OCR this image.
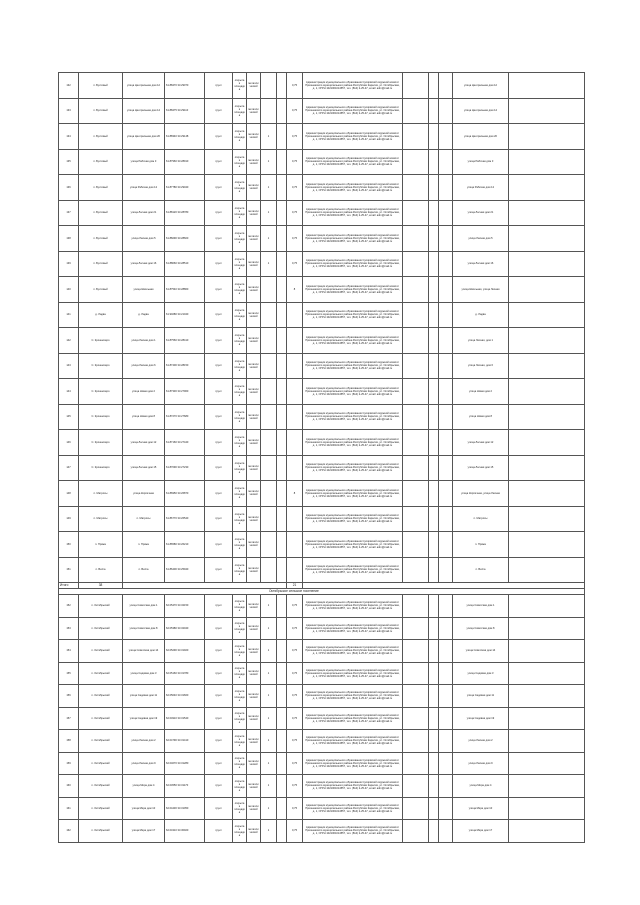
132	п. Бухтовый	улица Центральная дом 12	61.88470 33.29070	грунт	открытая площадка	металлический			0,75	Администрация муниципального образования Суоярвский окружной комитет Прионежского муниципального района Республики Карелия, ул. Октябрьская, д. 1, ОГРН 1021001014557, тел. (814) 2-25-47, email: adm@mail.ru				улица Центральная дом 12	
133	п. Бухтовый	улица Центральная дом 14	61.88475 33.29110	грунт	открытая площадка	металлический			0,75	Администрация муниципального образования Суоярвский окружной комитет Прионежского муниципального района Республики Карелия, ул. Октябрьская, д. 1, ОГРН 1021001014557, тел. (814) 2-25-47, email: adm@mail.ru				улица Центральная дом 14	
134	п. Бухтовый	улица Центральная дом 20	61.88340 33.29148	грунт	открытая площадка	металлический	1		0,75	Администрация муниципального образования Суоярвский окружной комитет Прионежского муниципального района Республики Карелия, ул. Октябрьская, д. 1, ОГРН 1021001014557, тел. (814) 2-25-47, email: adm@mail.ru				улица Центральная дом 20	
135	п. Бухтовый	улица Рабочая дом 3	61.87960 33.28910	грунт	открытая площадка	металлический	1		0,75	Администрация муниципального образования Суоярвский окружной комитет Прионежского муниципального района Республики Карелия, ул. Октябрьская, д. 1, ОГРН 1021001014557, тел. (814) 2-25-47, email: adm@mail.ru				улица Рабочая дом 3	
136	п. Бухтовый	улица Рабочая дом 12	61.87780 33.29040	грунт	открытая площадка	металлический	1		0,75	Администрация муниципального образования Суоярвский окружной комитет Прионежского муниципального района Республики Карелия, ул. Октябрьская, д. 1, ОГРН 1021001014557, тел. (814) 2-25-47, email: adm@mail.ru				улица Рабочая дом 12	
137	п. Бухтовый	улица Лесная дом 21	61.88120 33.28780	грунт	открытая площадка	металлический	1		0,75	Администрация муниципального образования Суоярвский окружной комитет Прионежского муниципального района Республики Карелия, ул. Октябрьская, д. 1, ОГРН 1021001014557, тел. (814) 2-25-47, email: adm@mail.ru				улица Лесная дом 21	
138	п. Бухтовый	улица Лесная дом 5	61.88290 33.28600	грунт	открытая площадка	металлический	1		0,75	Администрация муниципального образования Суоярвский окружной комитет Прионежского муниципального района Республики Карелия, ул. Октябрьская, д. 1, ОГРН 1021001014557, тел. (814) 2-25-47, email: adm@mail.ru				улица Лесная дом 5	
139	п. Бухтовый	улица Лесная дом 16	61.88060 33.28510	грунт	открытая площадка	металлический	1		0,75	Администрация муниципального образования Суоярвский окружной комитет Прионежского муниципального района Республики Карелия, ул. Октябрьская, д. 1, ОГРН 1021001014557, тел. (814) 2-25-47, email: adm@mail.ru				улица Лесная дом 16	
140	п. Бухтовый	улица Школьная	61.87540 33.28860	грунт	открытая площадка	металлический			8	Администрация муниципального образования Суоярвский окружной комитет Прионежского муниципального района Республики Карелия, ул. Октябрьская, д. 1, ОГРН 1021001014557, тел. (814) 2-25-47, email: adm@mail.ru				улица Школьная, улица Лесная	
141	д. Ладва	д. Ладва	61.90280 33.21040	грунт	открытая площадка	металлический				Администрация муниципального образования Суоярвский окружной комитет Прионежского муниципального района Республики Карелия, ул. Октябрьская, д. 1, ОГРН 1021001014557, тел. (814) 2-25-47, email: adm@mail.ru				д. Ладва	
142	С. Крошнозеро	улица Лесная дом 1	61.87560 33.28410	грунт	открытая площадка	металлический				Администрация муниципального образования Суоярвский окружной комитет Прионежского муниципального района Республики Карелия, ул. Октябрьская, д. 1, ОГРН 1021001014557, тел. (814) 2-25-47, email: adm@mail.ru				улица Лесная, дом 1	
143	С. Крошнозеро	улица Лесная дом 6	61.87400 33.28150	грунт	открытая площадка	металлический				Администрация муниципального образования Суоярвский окружной комитет Прионежского муниципального района Республики Карелия, ул. Октябрьская, д. 1, ОГРН 1021001014557, тел. (814) 2-25-47, email: adm@mail.ru				улица Лесная, дом 6	
144	С. Крошнозеро	улица Новая дом 2	61.87330 33.27960	грунт	открытая площадка	металлический				Администрация муниципального образования Суоярвский окружной комитет Прионежского муниципального района Республики Карелия, ул. Октябрьская, д. 1, ОГРН 1021001014557, тел. (814) 2-25-47, email: adm@mail.ru				улица Новая дом 2	
145	С. Крошнозеро	улица Новая дом 8	61.87270 33.27680	грунт	открытая площадка	металлический				Администрация муниципального образования Суоярвский окружной комитет Прионежского муниципального района Республики Карелия, ул. Октябрьская, д. 1, ОГРН 1021001014557, тел. (814) 2-25-47, email: adm@mail.ru				улица Новая дом 8	
146	С. Крошнозеро	улица Лесная дом 12	61.87160 33.27440	грунт	открытая площадка	металлический				Администрация муниципального образования Суоярвский окружной комитет Прионежского муниципального района Республики Карелия, ул. Октябрьская, д. 1, ОГРН 1021001014557, тел. (814) 2-25-47, email: adm@mail.ru				улица Лесная дом 12	
147	С. Крошнозеро	улица Лесная дом 15	61.87090 33.27230	грунт	открытая площадка	металлический				Администрация муниципального образования Суоярвский окружной комитет Прионежского муниципального района Республики Карелия, ул. Октябрьская, д. 1, ОГРН 1021001014557, тел. (814) 2-25-47, email: adm@mail.ru				улица Лесная дом 15	
148	п. Матросы	улица Кирпичная	61.86950 33.26870	грунт	открытая площадка	металлический			8	Администрация муниципального образования Суоярвский окружной комитет Прионежского муниципального района Республики Карелия, ул. Октябрьская, д. 1, ОГРН 1021001014557, тел. (814) 2-25-47, email: adm@mail.ru				улица Кирпичная, улица Лесная	
149	п. Матросы	п. Матросы	61.86770 33.26540	грунт	открытая площадка	металлический				Администрация муниципального образования Суоярвский окружной комитет Прионежского муниципального района Республики Карелия, ул. Октябрьская, д. 1, ОГРН 1021001014557, тел. (814) 2-25-47, email: adm@mail.ru				п. Матросы	
150	п. Пряжа	п. Пряжа	61.86580 33.26210	грунт	открытая площадка	металлический				Администрация муниципального образования Суоярвский окружной комитет Прионежского муниципального района Республики Карелия, ул. Октябрьская, д. 1, ОГРН 1021001014557, тел. (814) 2-25-47, email: adm@mail.ru				п. Пряжа	
151	п. Вилга	п. Вилга	61.86400 33.25940	грунт	открытая площадка	металлический				Администрация муниципального образования Суоярвский окружной комитет Прионежского муниципального района Республики Карелия, ул. Октябрьская, д. 1, ОГРН 1021001014557, тел. (814) 2-25-47, email: adm@mail.ru				п. Вилга	
Итого	38								21						
Октябрьское сельское поселение															
152	п. Октябрьский	улица Советская дом 1	62.05470 33.32150	грунт	открытая площадка	металлический	1		0,75	Администрация муниципального образования Суоярвский окружной комитет Прионежского муниципального района Республики Карелия, ул. Октябрьская, д. 1, ОГРН 1021001014557, тел. (814) 2-25-47, email: adm@mail.ru				улица Советская дом 1	
153	п. Октябрьский	улица Советская дом 8	62.05380 33.32040	грунт	открытая площадка	металлический	1		0,75	Администрация муниципального образования Суоярвский окружной комитет Прионежского муниципального района Республики Карелия, ул. Октябрьская, д. 1, ОГРН 1021001014557, тел. (814) 2-25-47, email: adm@mail.ru				улица Советская дом 8	
154	п. Октябрьский	улица Советская дом 14	62.05290 33.31920	грунт	открытая площадка	металлический	1		0,75	Администрация муниципального образования Суоярвский окружной комитет Прионежского муниципального района Республики Карелия, ул. Октябрьская, д. 1, ОГРН 1021001014557, тел. (814) 2-25-47, email: adm@mail.ru				улица Советская дом 14	
155	п. Октябрьский	улица Садовая дом 3	62.05160 33.31780	грунт	открытая площадка	металлический	1		0,75	Администрация муниципального образования Суоярвский окружной комитет Прионежского муниципального района Республики Карелия, ул. Октябрьская, д. 1, ОГРН 1021001014557, тел. (814) 2-25-47, email: adm@mail.ru				улица Садовая дом 3	
156	п. Октябрьский	улица Садовая дом 11	62.05040 33.31660	грунт	открытая площадка	металлический	1		0,75	Администрация муниципального образования Суоярвский окружной комитет Прионежского муниципального района Республики Карелия, ул. Октябрьская, д. 1, ОГРН 1021001014557, тел. (814) 2-25-47, email: adm@mail.ru				улица Садовая дом 11	
157	п. Октябрьский	улица Садовая дом 19	62.04910 33.31540	грунт	открытая площадка	металлический	1		0,75	Администрация муниципального образования Суоярвский окружной комитет Прионежского муниципального района Республики Карелия, ул. Октябрьская, д. 1, ОГРН 1021001014557, тел. (814) 2-25-47, email: adm@mail.ru				улица Садовая дом 19	
158	п. Октябрьский	улица Лесная дом 2	62.04790 33.31410	грунт	открытая площадка	металлический	1		0,75	Администрация муниципального образования Суоярвский окружной комитет Прионежского муниципального района Республики Карелия, ул. Октябрьская, д. 1, ОГРН 1021001014557, тел. (814) 2-25-47, email: adm@mail.ru				улица Лесная дом 2	
159	п. Октябрьский	улица Лесная дом 9	62.04670 33.31280	грунт	открытая площадка	металлический	1		0,75	Администрация муниципального образования Суоярвский окружной комитет Прионежского муниципального района Республики Карелия, ул. Октябрьская, д. 1, ОГРН 1021001014557, тел. (814) 2-25-47, email: adm@mail.ru				улица Лесная дом 9	
160	п. Октябрьский	улица Мира дом 4	62.04550 33.31170	грунт	открытая площадка	металлический	1		0,75	Администрация муниципального образования Суоярвский окружной комитет Прионежского муниципального района Республики Карелия, ул. Октябрьская, д. 1, ОГРН 1021001014557, тел. (814) 2-25-47, email: adm@mail.ru				улица Мира дом 4	
161	п. Октябрьский	улица Мира дом 10	62.04430 33.31050	грунт	открытая площадка	металлический	1		0,75	Администрация муниципального образования Суоярвский окружной комитет Прионежского муниципального района Республики Карелия, ул. Октябрьская, д. 1, ОГРН 1021001014557, тел. (814) 2-25-47, email: adm@mail.ru				улица Мира дом 10	
162	п. Октябрьский	улица Мира дом 17	62.04310 33.30920	грунт	открытая площадка	металлический	1		0,75	Администрация муниципального образования Суоярвский окружной комитет Прионежского муниципального района Республики Карелия, ул. Октябрьская, д. 1, ОГРН 1021001014557, тел. (814) 2-25-47, email: adm@mail.ru				улица Мира дом 17	
